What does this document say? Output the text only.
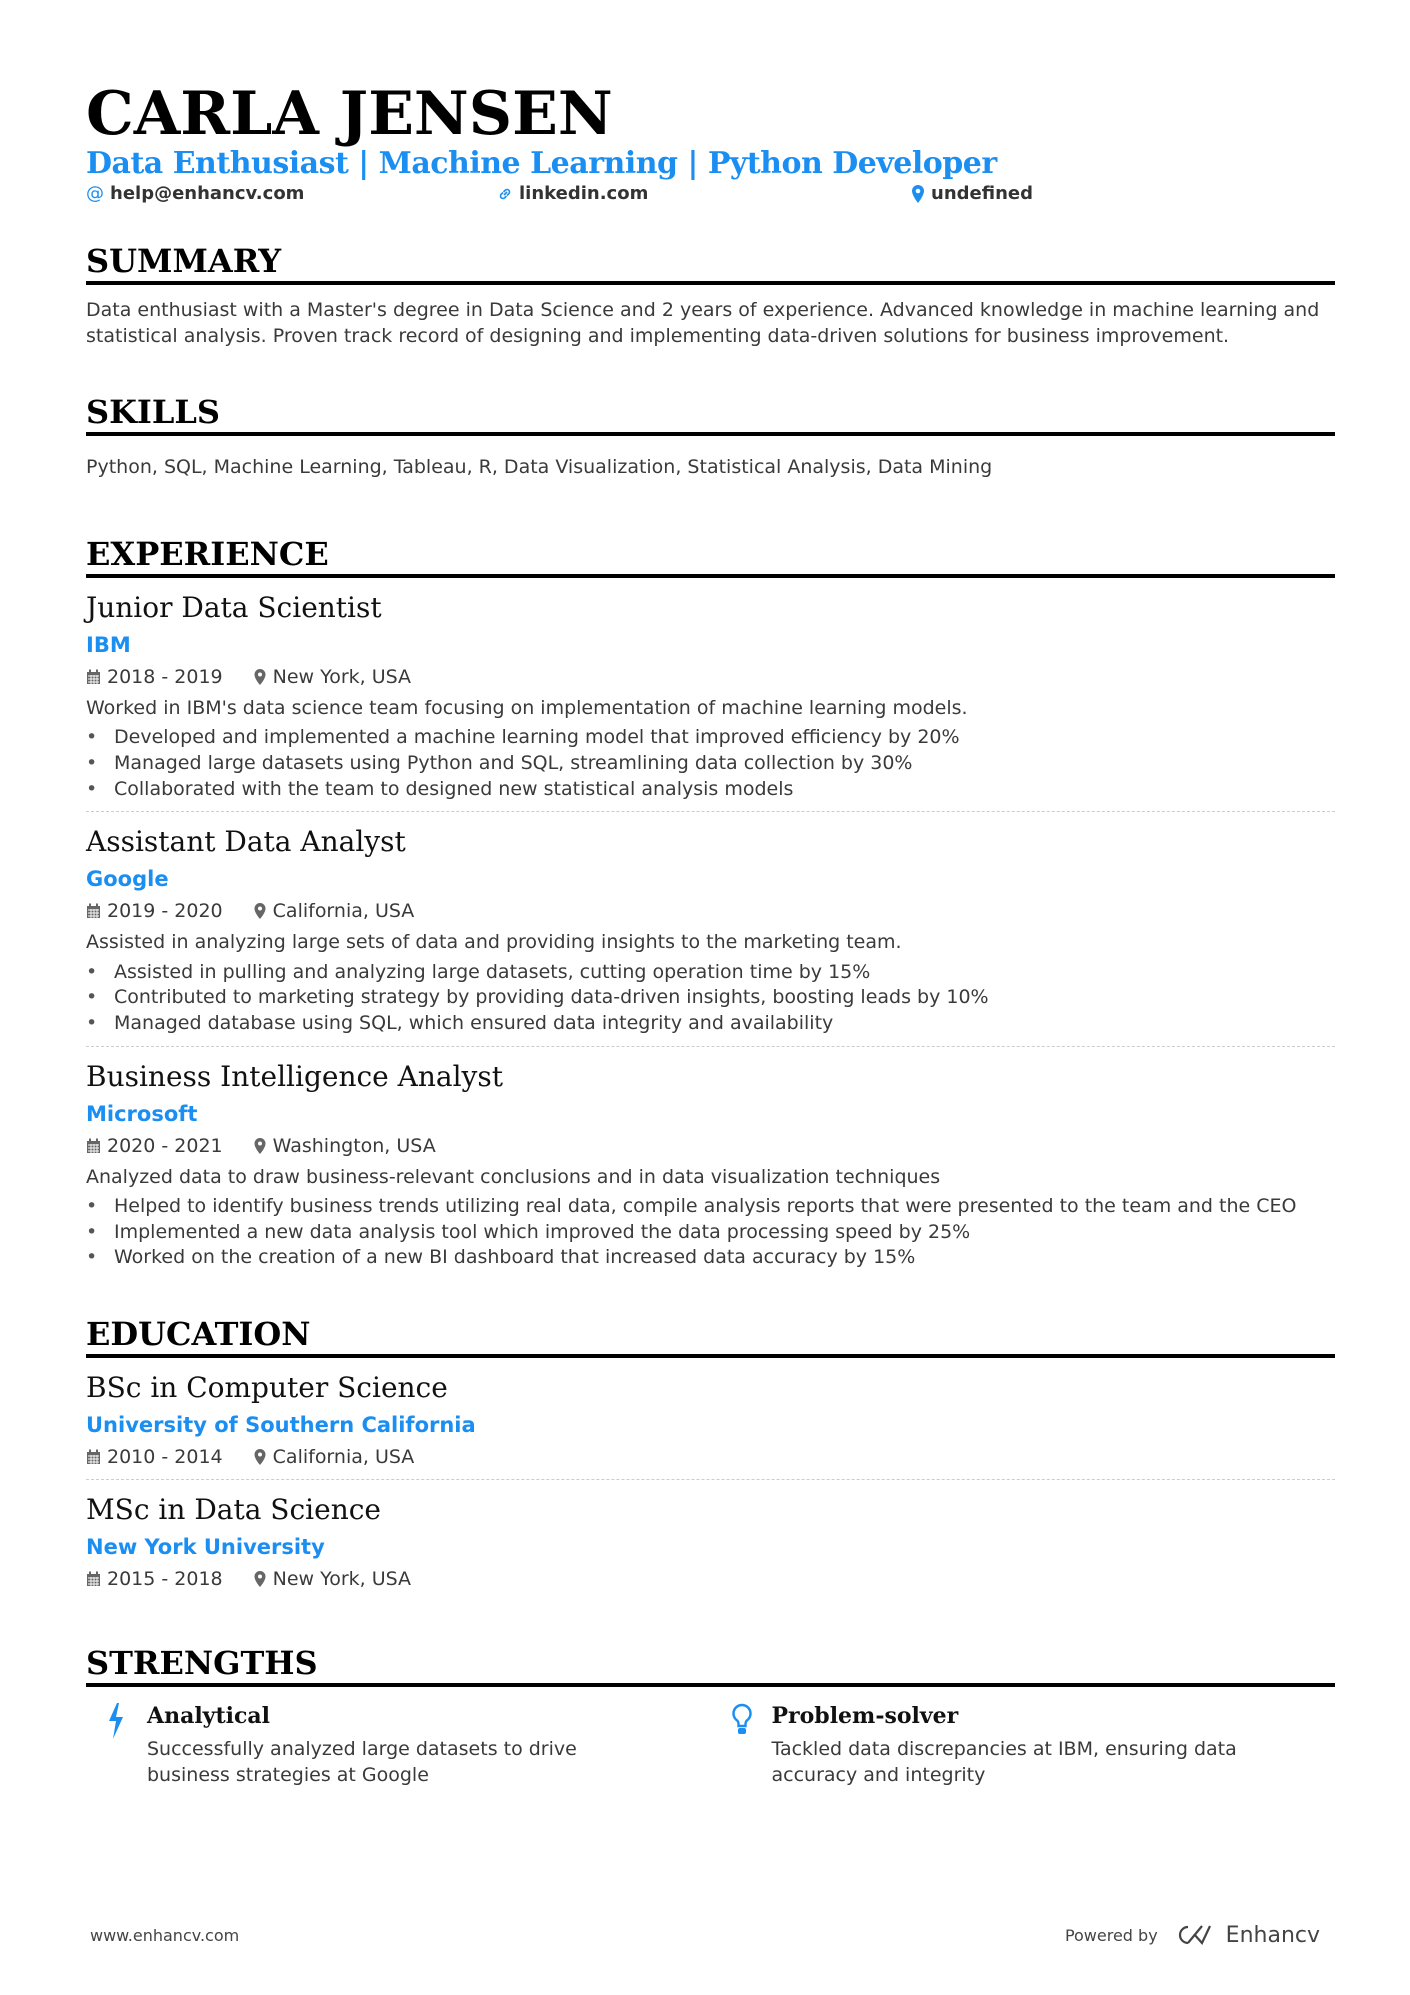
CARLA JENSEN
Data Enthusiast | Machine Learning | Python Developer
@ help@enhancv.com	linkedin.com	undefined
SUMMARY
Data enthusiast with a Master's degree in Data Science and 2 years of experience. Advanced knowledge in machine learning and statistical analysis. Proven track record of designing and implementing data-driven solutions for business improvement.
SKILLS
Python, SQL, Machine Learning, Tableau, R, Data Visualization, Statistical Analysis, Data Mining
EXPERIENCE
Junior Data Scientist
IBM
2018 - 2019	New York, USA
Worked in IBM's data science team focusing on implementation of machine learning models.
• Developed and implemented a machine learning model that improved efficiency by 20%
• Managed large datasets using Python and SQL, streamlining data collection by 30%
• Collaborated with the team to designed new statistical analysis models
Assistant Data Analyst
Google
2019 - 2020	California, USA
Assisted in analyzing large sets of data and providing insights to the marketing team.
• Assisted in pulling and analyzing large datasets, cutting operation time by 15%
• Contributed to marketing strategy by providing data-driven insights, boosting leads by 10%
• Managed database using SQL, which ensured data integrity and availability
Business Intelligence Analyst
Microsoft
2020 - 2021	Washington, USA
Analyzed data to draw business-relevant conclusions and in data visualization techniques
• Helped to identify business trends utilizing real data, compile analysis reports that were presented to the team and the CEO
• Implemented a new data analysis tool which improved the data processing speed by 25%
• Worked on the creation of a new BI dashboard that increased data accuracy by 15%
EDUCATION
BSc in Computer Science
University of Southern California
2010 - 2014	California, USA
MSc in Data Science
New York University
2015 - 2018	New York, USA
STRENGTHS
Analytical
Successfully analyzed large datasets to drive business strategies at Google
Problem-solver
Tackled data discrepancies at IBM, ensuring data accuracy and integrity
www.enhancv.com	Powered by	Enhancv
